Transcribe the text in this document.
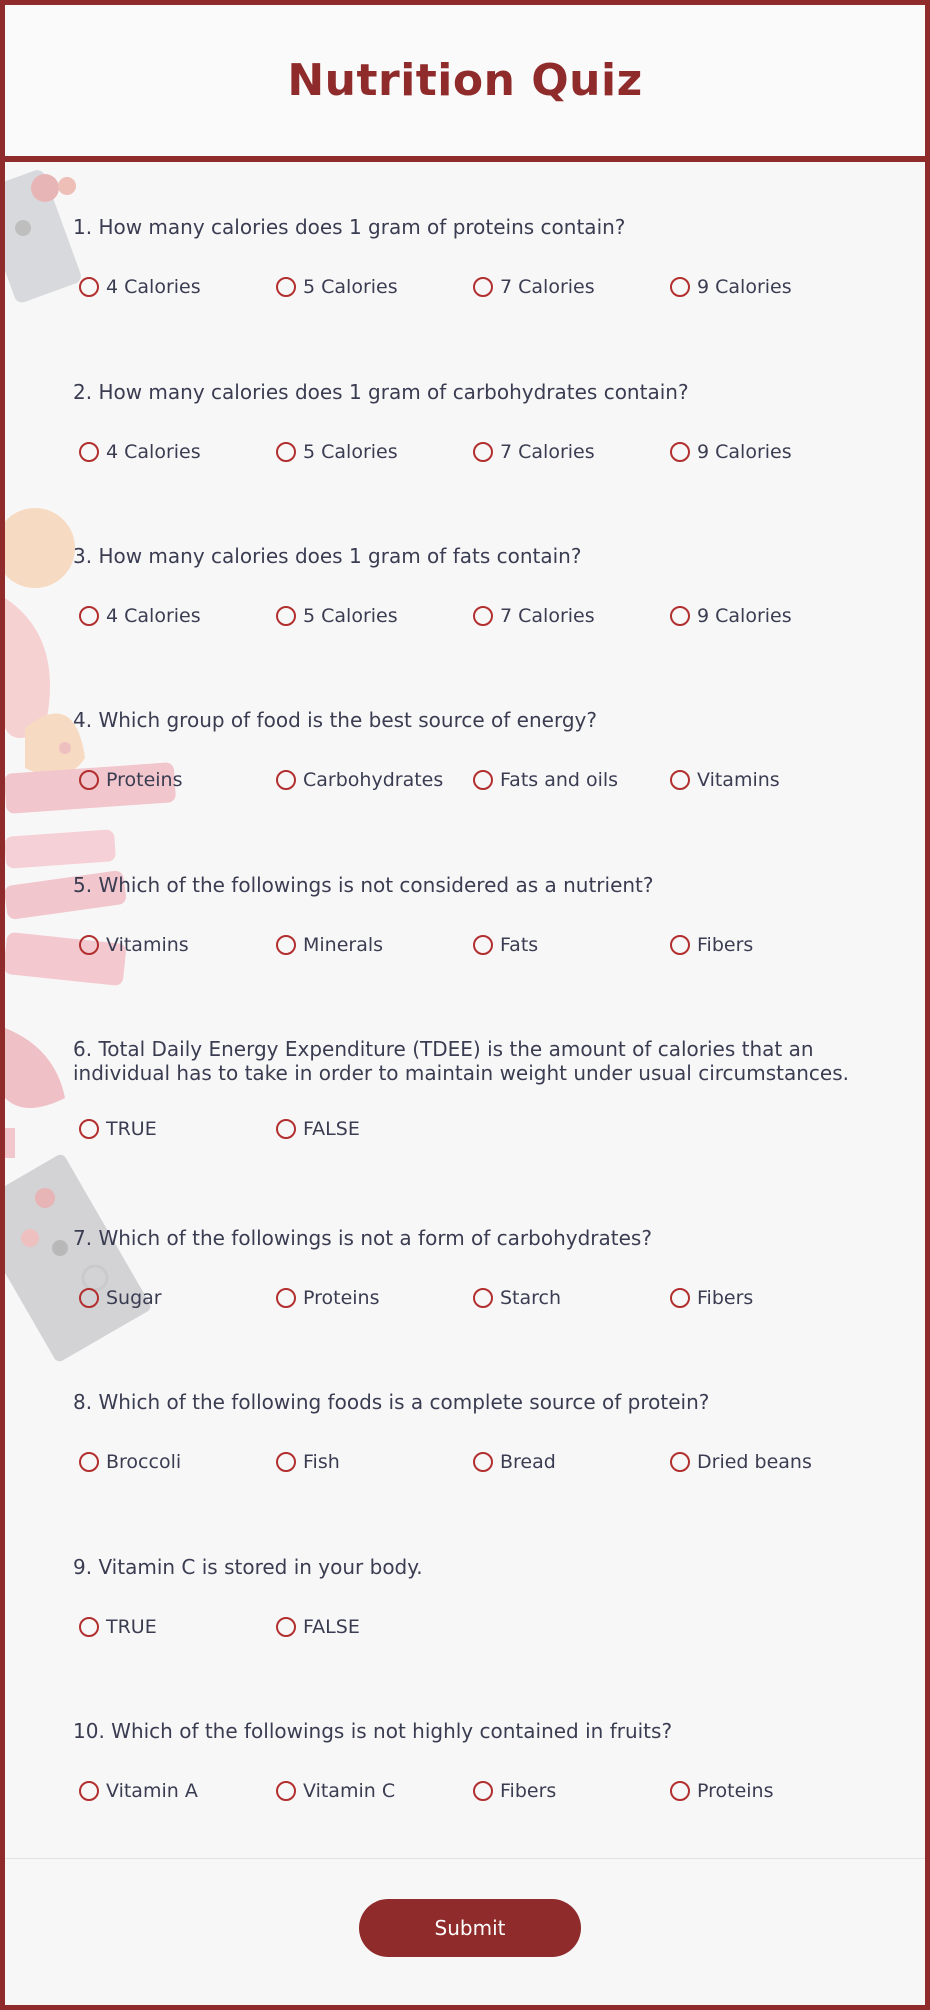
Nutrition Quiz

1. How many calories does 1 gram of proteins contain?

4 Calories	5 Calories	7 Calories	9 Calories

2. How many calories does 1 gram of carbohydrates contain?

4 Calories	5 Calories	7 Calories	9 Calories

3. How many calories does 1 gram of fats contain?

4 Calories	5 Calories	7 Calories	9 Calories

4. Which group of food is the best source of energy?

Proteins	Carbohydrates	Fats and oils	Vitamins

5. Which of the followings is not considered as a nutrient?

Vitamins	Minerals	Fats	Fibers

6. Total Daily Energy Expenditure (TDEE) is the amount of calories that an individual has to take in order to maintain weight under usual circumstances.

TRUE	FALSE

7. Which of the followings is not a form of carbohydrates?

Sugar	Proteins	Starch	Fibers

8. Which of the following foods is a complete source of protein?

Broccoli	Fish	Bread	Dried beans

9. Vitamin C is stored in your body.

TRUE	FALSE

10. Which of the followings is not highly contained in fruits?

Vitamin A	Vitamin C	Fibers	Proteins
Submit
